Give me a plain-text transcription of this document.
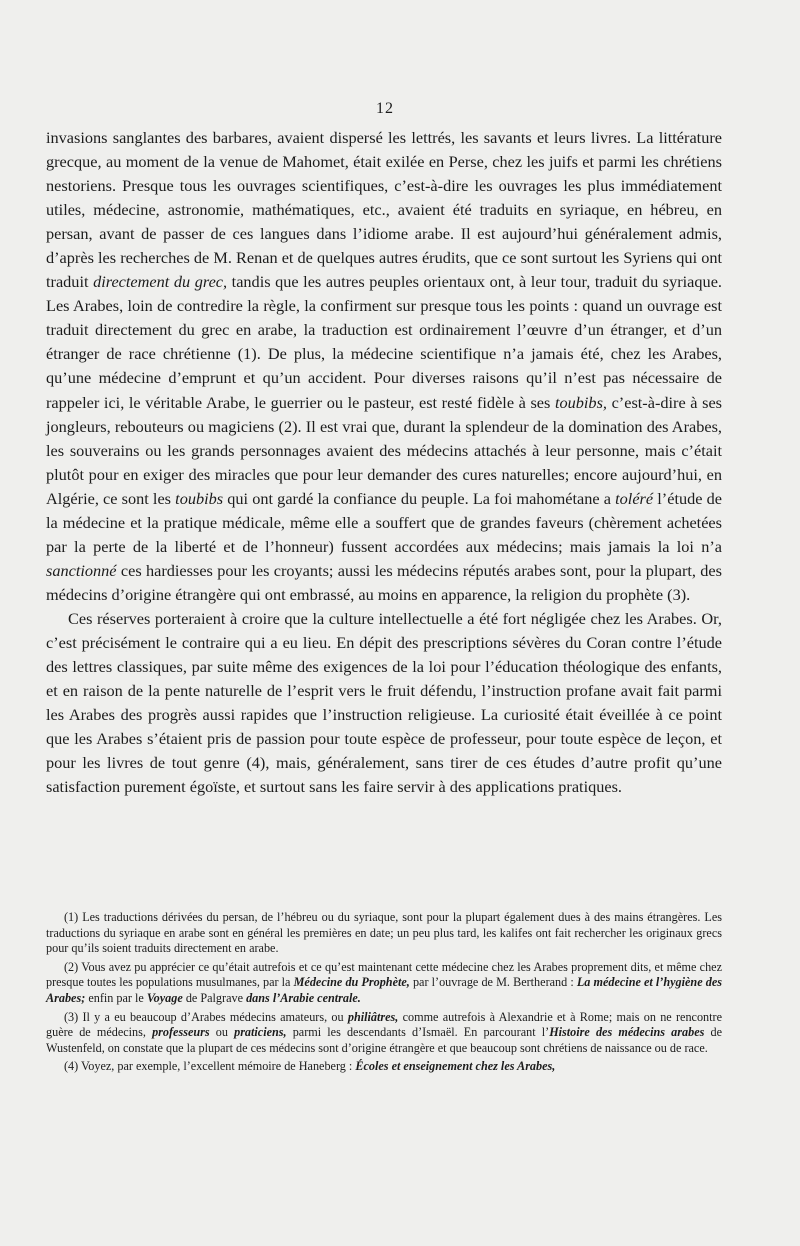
12

invasions sanglantes des barbares, avaient dispersé les lettrés, les savants et leurs livres. La littérature grecque, au moment de la venue de Mahomet, était exilée en Perse, chez les juifs et parmi les chrétiens nestoriens. Presque tous les ouvrages scientifiques, c’est-à-dire les ouvrages les plus immédiatement utiles, médecine, astronomie, mathématiques, etc., avaient été traduits en syriaque, en hébreu, en persan, avant de passer de ces langues dans l’idiome arabe. Il est aujourd’hui généralement admis, d’après les recherches de M. Renan et de quelques autres érudits, que ce sont surtout les Syriens qui ont traduit directement du grec, tandis que les autres peuples orientaux ont, à leur tour, traduit du syriaque. Les Arabes, loin de contredire la règle, la confirment sur presque tous les points : quand un ouvrage est traduit directement du grec en arabe, la traduction est ordinairement l’œuvre d’un étranger, et d’un étranger de race chrétienne (1). De plus, la médecine scientifique n’a jamais été, chez les Arabes, qu’une médecine d’emprunt et qu’un accident. Pour diverses raisons qu’il n’est pas nécessaire de rappeler ici, le véritable Arabe, le guerrier ou le pasteur, est resté fidèle à ses toubibs, c’est-à-dire à ses jongleurs, rebouteurs ou magiciens (2). Il est vrai que, durant la splendeur de la domination des Arabes, les souverains ou les grands personnages avaient des médecins attachés à leur personne, mais c’était plutôt pour en exiger des miracles que pour leur demander des cures naturelles; encore aujourd’hui, en Algérie, ce sont les toubibs qui ont gardé la confiance du peuple. La foi mahométane a toléré l’étude de la médecine et la pratique médicale, même elle a souffert que de grandes faveurs (chèrement achetées par la perte de la liberté et de l’honneur) fussent accordées aux médecins; mais jamais la loi n’a sanctionné ces hardiesses pour les croyants; aussi les médecins réputés arabes sont, pour la plupart, des médecins d’origine étrangère qui ont embrassé, au moins en apparence, la religion du prophète (3).

Ces réserves porteraient à croire que la culture intellectuelle a été fort négligée chez les Arabes. Or, c’est précisément le contraire qui a eu lieu. En dépit des prescriptions sévères du Coran contre l’étude des lettres classiques, par suite même des exigences de la loi pour l’éducation théologique des enfants, et en raison de la pente naturelle de l’esprit vers le fruit défendu, l’instruction profane avait fait parmi les Arabes des progrès aussi rapides que l’instruction religieuse. La curiosité était éveillée à ce point que les Arabes s’étaient pris de passion pour toute espèce de professeur, pour toute espèce de leçon, et pour les livres de tout genre (4), mais, généralement, sans tirer de ces études d’autre profit qu’une satisfaction purement égoïste, et surtout sans les faire servir à des applications pratiques.

(1) Les traductions dérivées du persan, de l’hébreu ou du syriaque, sont pour la plupart également dues à des mains étrangères. Les traductions du syriaque en arabe sont en général les premières en date; un peu plus tard, les kalifes ont fait rechercher les originaux grecs pour qu’ils soient traduits directement en arabe.

(2) Vous avez pu apprécier ce qu’était autrefois et ce qu’est maintenant cette médecine chez les Arabes proprement dits, et même chez presque toutes les populations musulmanes, par la Médecine du Prophète, par l’ouvrage de M. Bertherand : La médecine et l’hygiène des Arabes; enfin par le Voyage de Palgrave dans l’Arabie centrale.

(3) Il y a eu beaucoup d’Arabes médecins amateurs, ou philiâtres, comme autrefois à Alexandrie et à Rome; mais on ne rencontre guère de médecins, professeurs ou praticiens, parmi les descendants d’Ismaël. En parcourant l’Histoire des médecins arabes de Wustenfeld, on constate que la plupart de ces médecins sont d’origine étrangère et que beaucoup sont chrétiens de naissance ou de race.

(4) Voyez, par exemple, l’excellent mémoire de Haneberg : Écoles et enseignement chez les Arabes,
